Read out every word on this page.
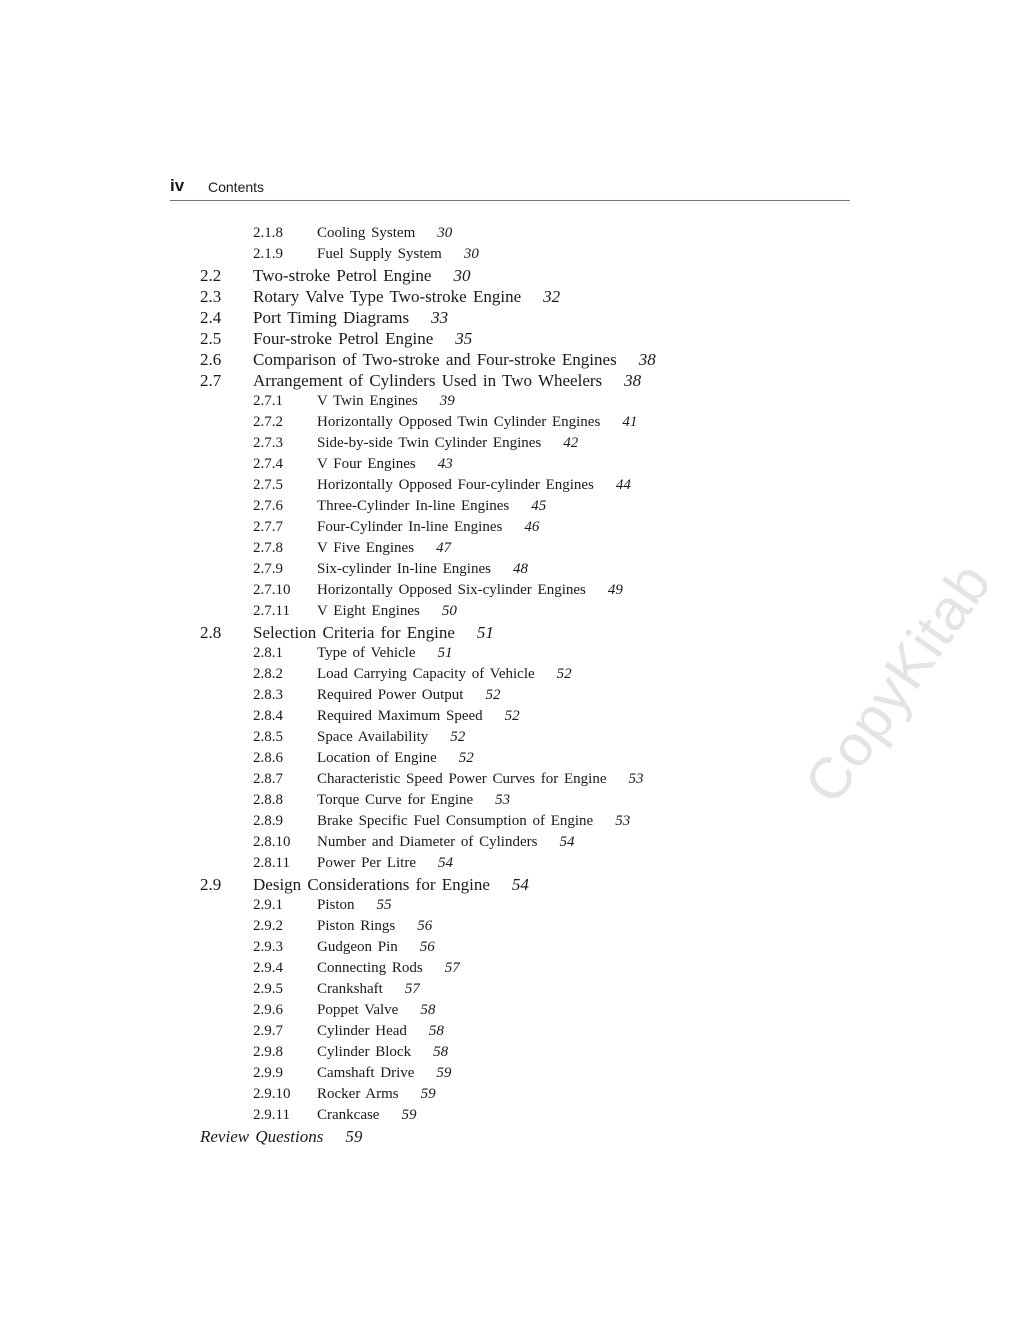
iv Contents
CopyKitab
2.1.8 Cooling System 30
2.1.9 Fuel Supply System 30
2.2 Two-stroke Petrol Engine 30
2.3 Rotary Valve Type Two-stroke Engine 32
2.4 Port Timing Diagrams 33
2.5 Four-stroke Petrol Engine 35
2.6 Comparison of Two-stroke and Four-stroke Engines 38
2.7 Arrangement of Cylinders Used in Two Wheelers 38
2.7.1 V Twin Engines 39
2.7.2 Horizontally Opposed Twin Cylinder Engines 41
2.7.3 Side-by-side Twin Cylinder Engines 42
2.7.4 V Four Engines 43
2.7.5 Horizontally Opposed Four-cylinder Engines 44
2.7.6 Three-Cylinder In-line Engines 45
2.7.7 Four-Cylinder In-line Engines 46
2.7.8 V Five Engines 47
2.7.9 Six-cylinder In-line Engines 48
2.7.10 Horizontally Opposed Six-cylinder Engines 49
2.7.11 V Eight Engines 50
2.8 Selection Criteria for Engine 51
2.8.1 Type of Vehicle 51
2.8.2 Load Carrying Capacity of Vehicle 52
2.8.3 Required Power Output 52
2.8.4 Required Maximum Speed 52
2.8.5 Space Availability 52
2.8.6 Location of Engine 52
2.8.7 Characteristic Speed Power Curves for Engine 53
2.8.8 Torque Curve for Engine 53
2.8.9 Brake Specific Fuel Consumption of Engine 53
2.8.10 Number and Diameter of Cylinders 54
2.8.11 Power Per Litre 54
2.9 Design Considerations for Engine 54
2.9.1 Piston 55
2.9.2 Piston Rings 56
2.9.3 Gudgeon Pin 56
2.9.4 Connecting Rods 57
2.9.5 Crankshaft 57
2.9.6 Poppet Valve 58
2.9.7 Cylinder Head 58
2.9.8 Cylinder Block 58
2.9.9 Camshaft Drive 59
2.9.10 Rocker Arms 59
2.9.11 Crankcase 59
Review Questions 59
